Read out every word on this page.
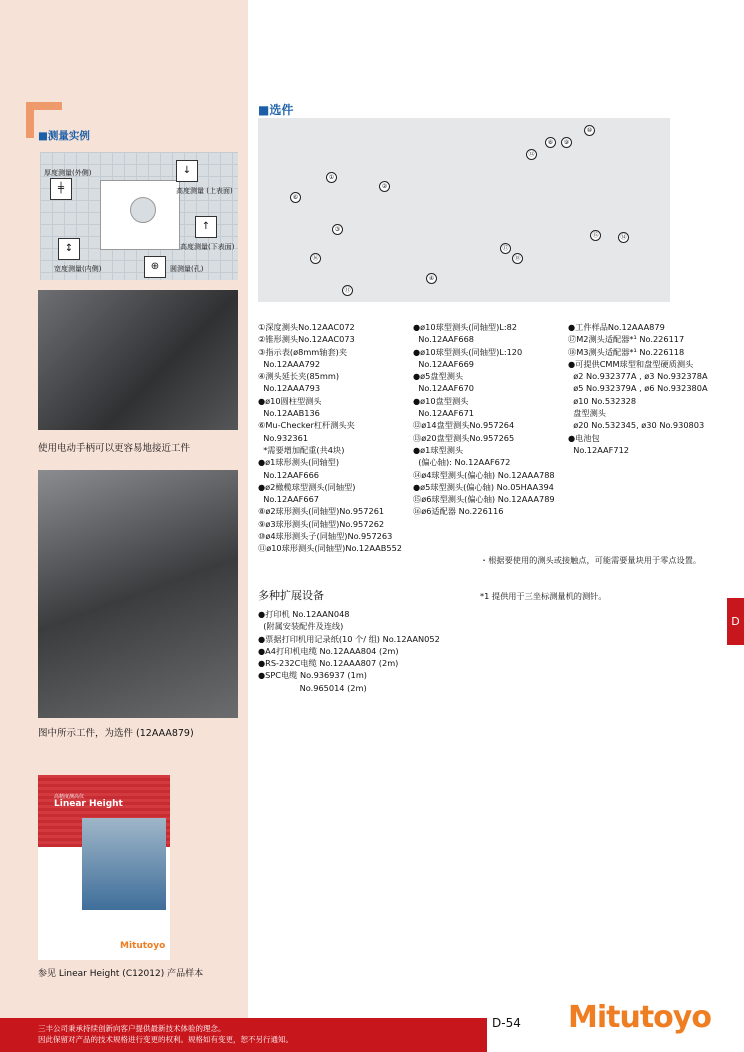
■测量实例
╪
↓
↑
↕
⊕
厚度测量(外侧)
高度测量 (上表面)
高度测量(下表面)
宽度测量(内侧)	圆测量(孔)
使用电动手柄可以更容易地接近工件
图中所示工件，为选件 (12AAA879)
高精度测高仪
Linear Height
Mitutoyo
参见 Linear Height (C12012) 产品样本
■选件
①
②
③
④
⑥
⑪
⑫
⑧	⑨
⑩
⑮	⑭
⑯
⑰
⑱
①深度测头No.12AAC072
②锥形测头No.12AAC073
③指示表(ø8mm轴套)夹
No.12AAA792
④测头延长夹(85mm)
No.12AAA793
●ø10圆柱型测头
No.12AAB136
⑥Mu-Checker杠杆测头夹
No.932361
*需要增加配重(共4块)
●ø1球形测头(同轴型)
No.12AAF666
●ø2橄榄球型测头(同轴型)
No.12AAF667
⑧ø2球形测头(同轴型)No.957261
⑨ø3球形测头(同轴型)No.957262
⑩ø4球形测头子(同轴型)No.957263
⑪ø10球形测头(同轴型)No.12AAB552
●ø10球型测头(同轴型)L:82
No.12AAF668
●ø10球型测头(同轴型)L:120
No.12AAF669
●ø5盘型测头
No.12AAF670
●ø10盘型测头
No.12AAF671
⑫ø14盘型测头No.957264
⑬ø20盘型测头No.957265
●ø1球型测头
(偏心轴): No.12AAF672
⑭ø4球型测头(偏心轴) No.12AAA788
●ø5球型测头(偏心轴) No.05HAA394
⑮ø6球型测头(偏心轴) No.12AAA789
⑯ø6适配器 No.226116
●工件样品No.12AAA879
⑰M2测头适配器*¹ No.226117
⑱M3测头适配器*¹ No.226118
●可提供CMM球型和盘型硬质测头
ø2 No.932377A , ø3 No.932378A
ø5 No.932379A , ø6 No.932380A
ø10 No.532328
盘型测头
ø20 No.532345, ø30 No.930803
●电池包
No.12AAF712

・根据要使用的测头或接触点，可能需要量块用于零点设置。

*1 提供用于三坐标测量机的测针。

多种扩展设备
●打印机 No.12AAN048
(附属安装配件及连线)
●票据打印机用记录纸(10 个/ 组) No.12AAN052
●A4打印机电缆 No.12AAA804 (2m)
●RS-232C电缆 No.12AAA807 (2m)
●SPC电缆 No.936937 (1m)
No.965014 (2m)
D
三丰公司秉承持续创新向客户提供最新技术体验的理念。
因此保留对产品的技术规格进行变更的权利。规格如有变更，恕不另行通知。
D-54 Mitutoyo
